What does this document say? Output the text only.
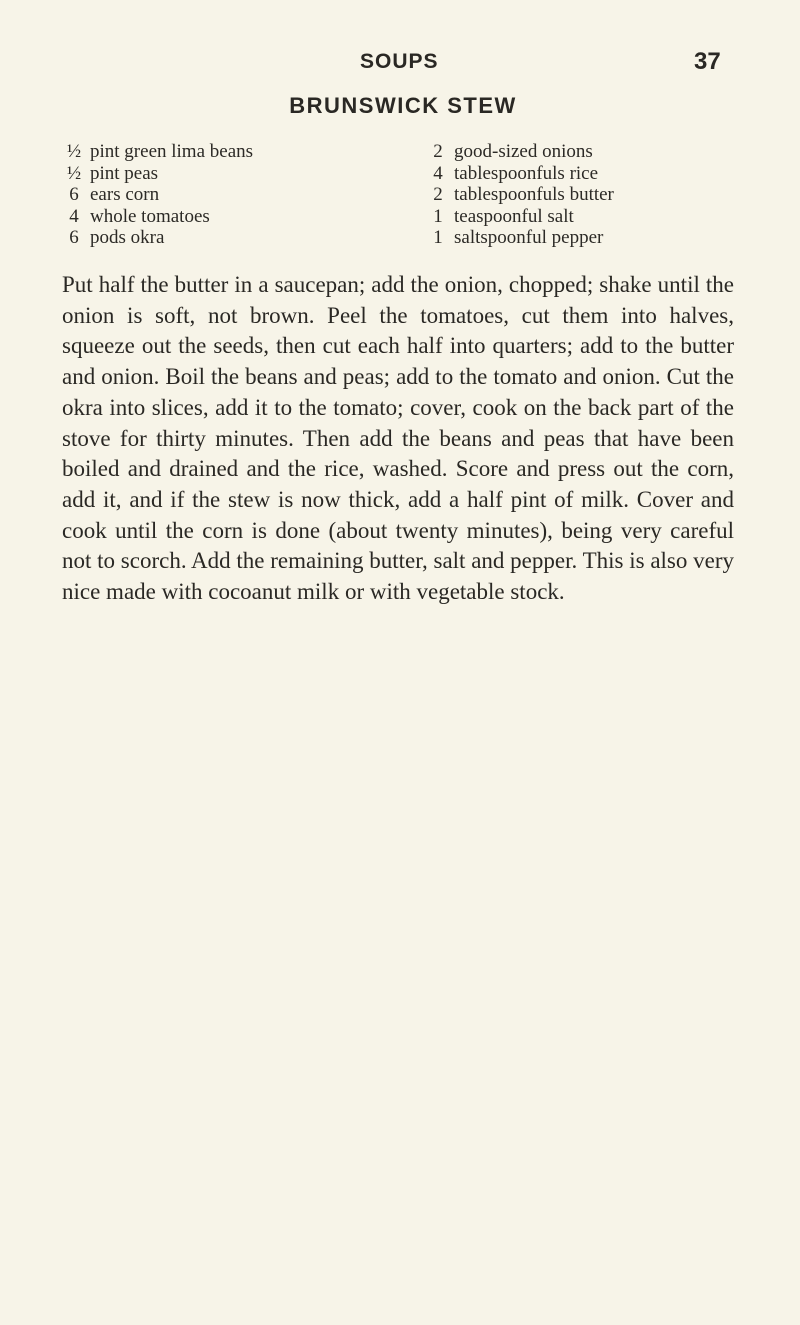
SOUPS	37
BRUNSWICK STEW
½ pint green lima beans
½ pint peas
6 ears corn
4 whole tomatoes
6 pods okra
2 good-sized onions
4 tablespoonfuls rice
2 tablespoonfuls butter
1 teaspoonful salt
1 saltspoonful pepper

Put half the butter in a saucepan; add the onion, chopped; shake until the onion is soft, not brown. Peel the tomatoes, cut them into halves, squeeze out the seeds, then cut each half into quarters; add to the butter and onion. Boil the beans and peas; add to the tomato and onion. Cut the okra into slices, add it to the tomato; cover, cook on the back part of the stove for thirty minutes. Then add the beans and peas that have been boiled and drained and the rice, washed. Score and press out the corn, add it, and if the stew is now thick, add a half pint of milk. Cover and cook until the corn is done (about twenty minutes), being very careful not to scorch. Add the remaining butter, salt and pepper. This is also very nice made with cocoanut milk or with vegetable stock.
